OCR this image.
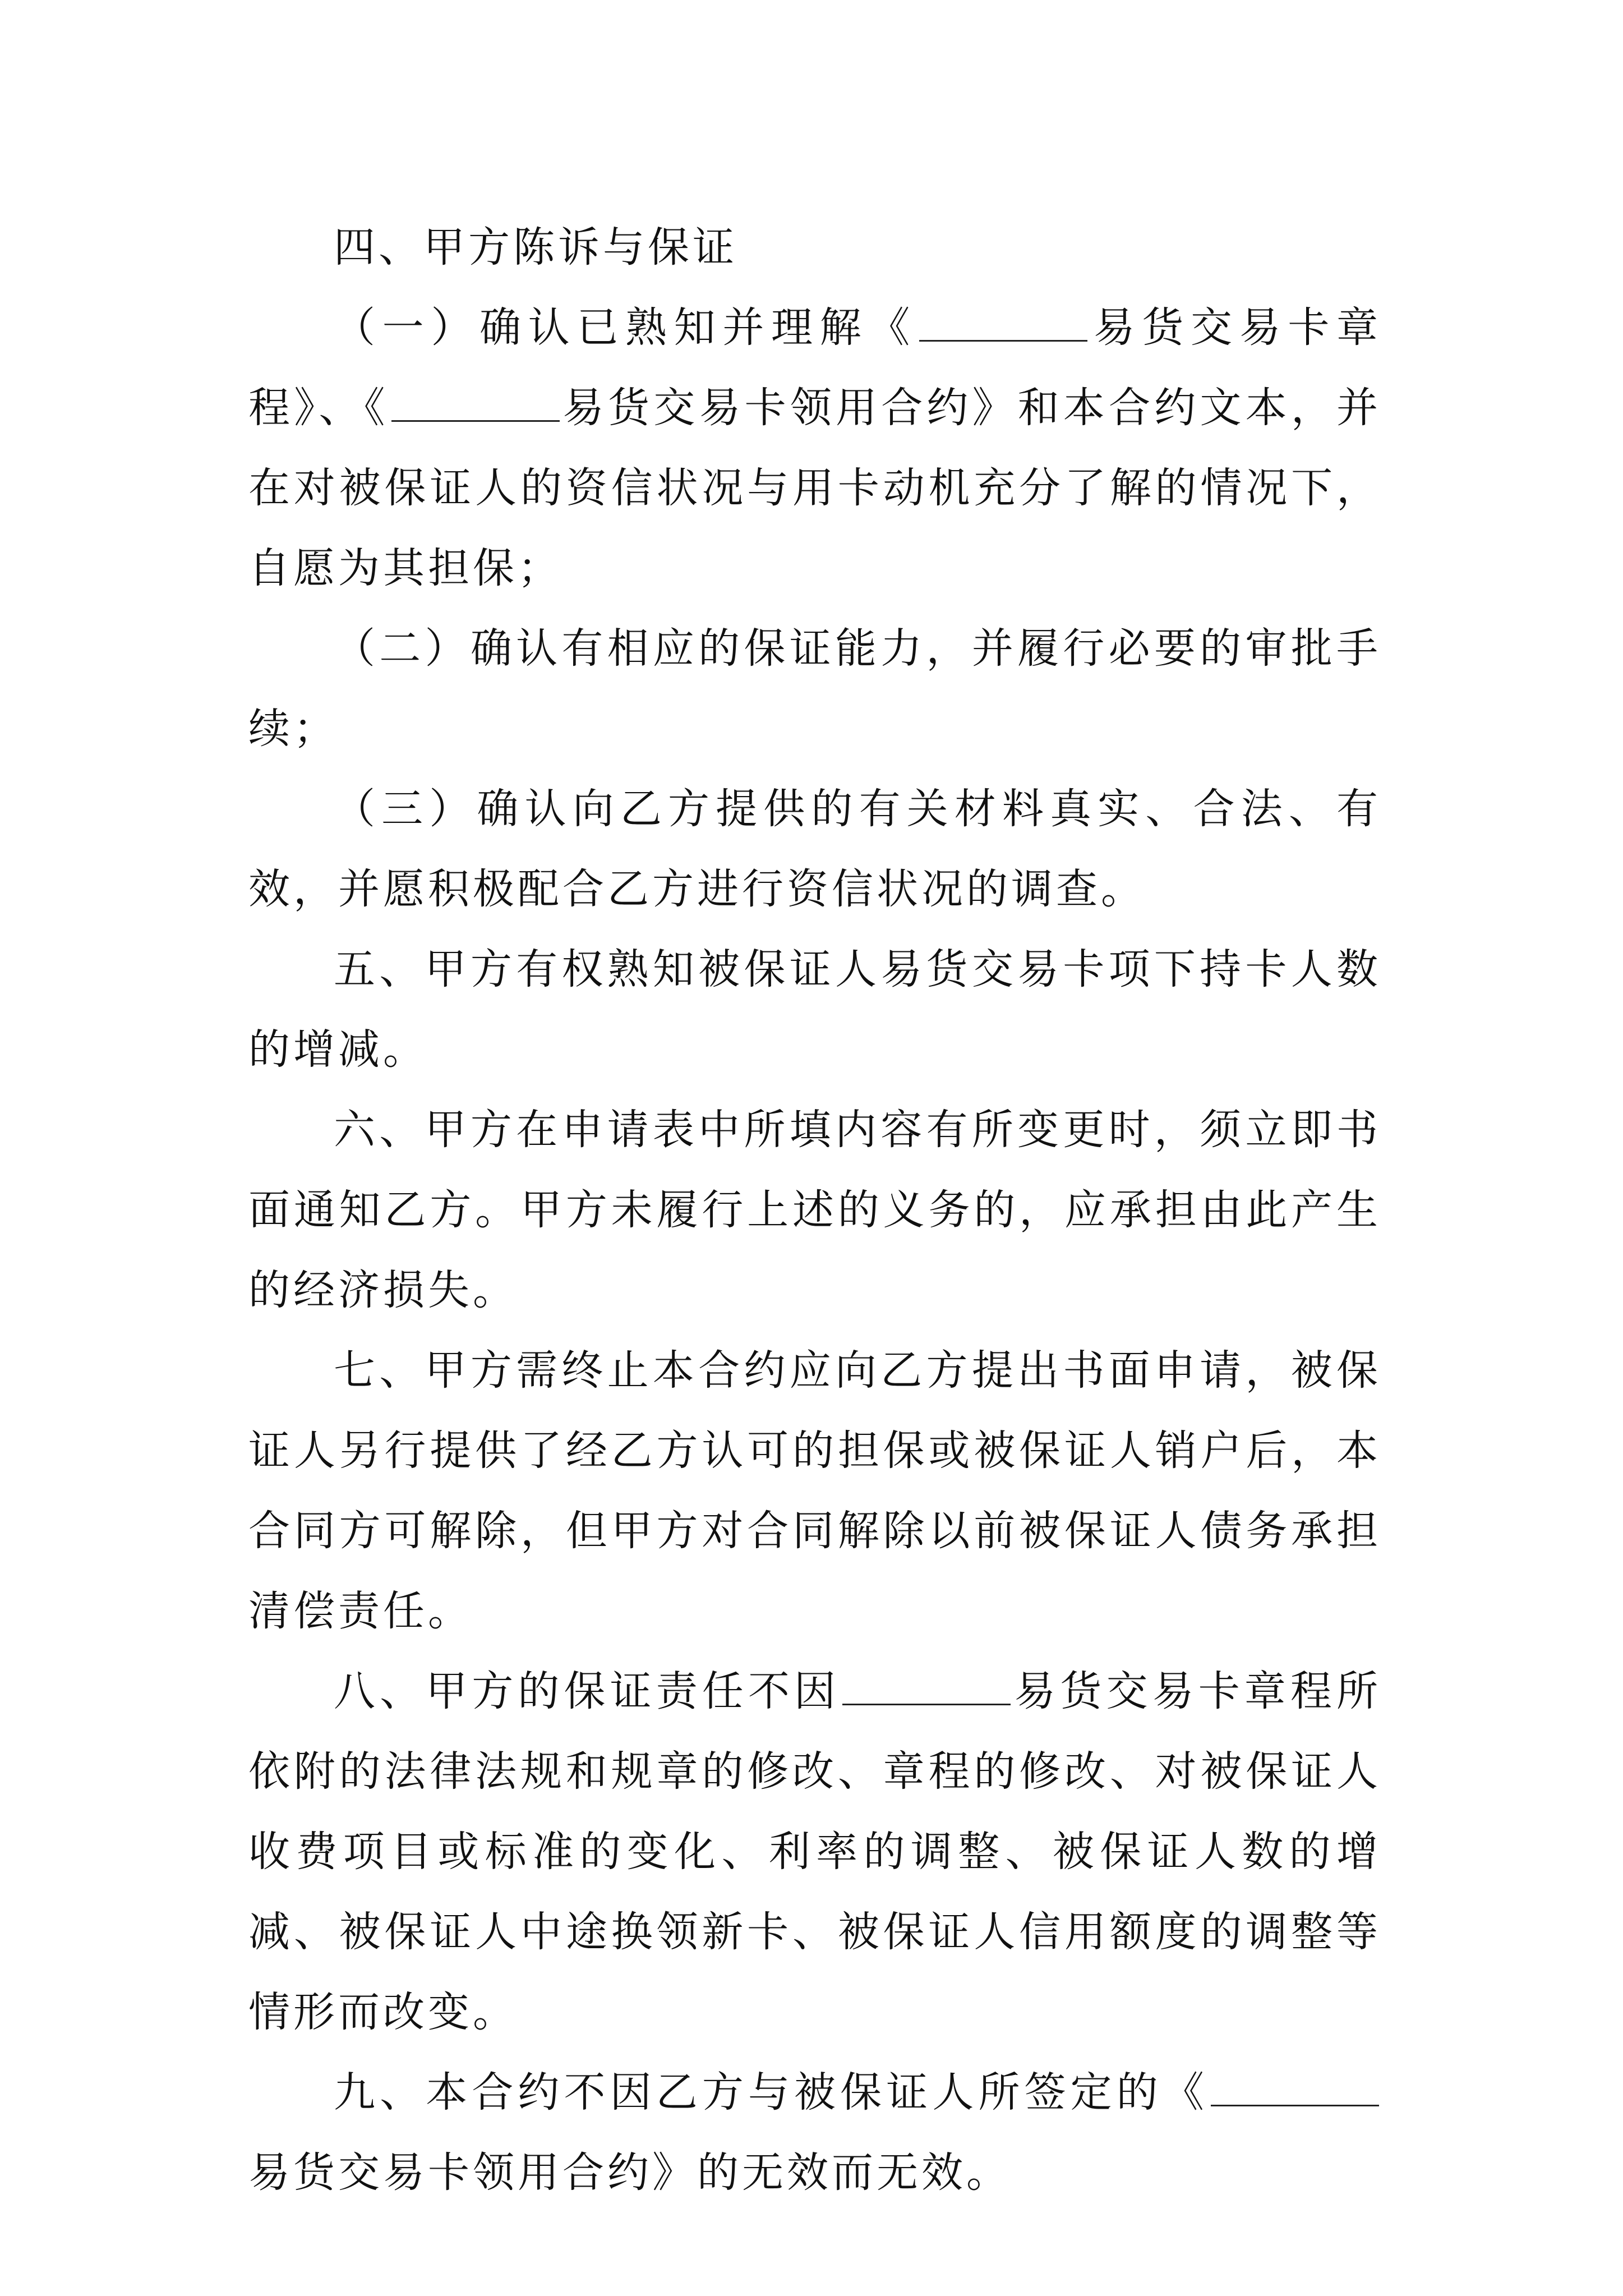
四、甲方陈诉与保证

（一）确认已熟知并理解《	易货交易卡章程》、《	易货交易卡领用合约》和本合约文本，并在对被保证人的资信状况与用卡动机充分了解的情况下，自愿为其担保；

（二）确认有相应的保证能力，并履行必要的审批手续；

（三）确认向乙方提供的有关材料真实、合法、有效，并愿积极配合乙方进行资信状况的调查。

五、甲方有权熟知被保证人易货交易卡项下持卡人数的增减。

六、甲方在申请表中所填内容有所变更时，须立即书面通知乙方。甲方未履行上述的义务的，应承担由此产生的经济损失。

七、甲方需终止本合约应向乙方提出书面申请，被保证人另行提供了经乙方认可的担保或被保证人销户后，本合同方可解除，但甲方对合同解除以前被保证人债务承担清偿责任。

八、甲方的保证责任不因	易货交易卡章程所依附的法律法规和规章的修改、章程的修改、对被保证人收费项目或标准的变化、利率的调整、被保证人数的增减、被保证人中途换领新卡、被保证人信用额度的调整等情形而改变。

九、本合约不因乙方与被保证人所签定的《易货交易卡领用合约》的无效而无效。
